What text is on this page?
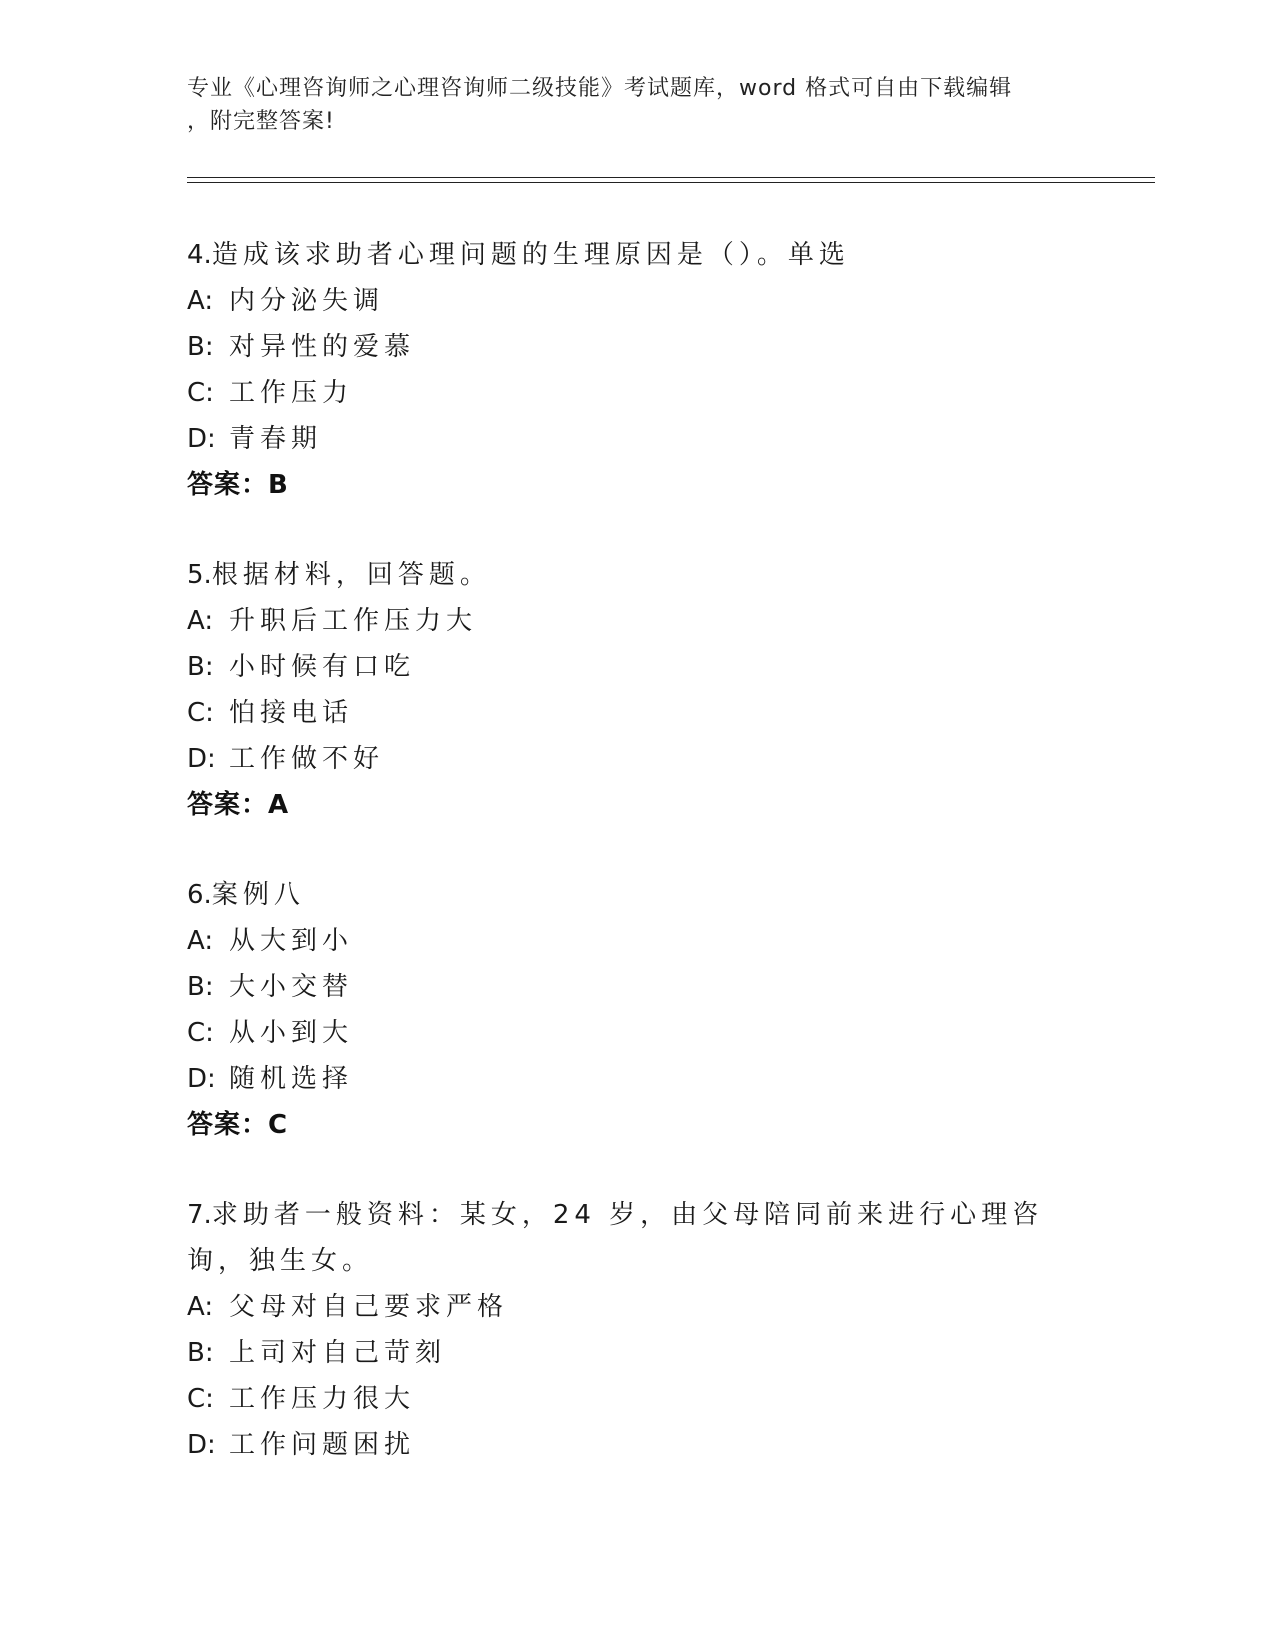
专业《心理咨询师之心理咨询师二级技能》考试题库，word 格式可自由下载编辑
，附完整答案!
4.造成该求助者心理问题的生理原因是（）。单选
A: 内分泌失调
B: 对异性的爱慕
C: 工作压力
D: 青春期
答案：B
5.根据材料，回答题。
A: 升职后工作压力大
B: 小时候有口吃
C: 怕接电话
D: 工作做不好
答案：A
6.案例八
A: 从大到小
B: 大小交替
C: 从小到大
D: 随机选择
答案：C
7.求助者一般资料：某女，24 岁，由父母陪同前来进行心理咨询，独生女。
A: 父母对自己要求严格
B: 上司对自己苛刻
C: 工作压力很大
D: 工作问题困扰
